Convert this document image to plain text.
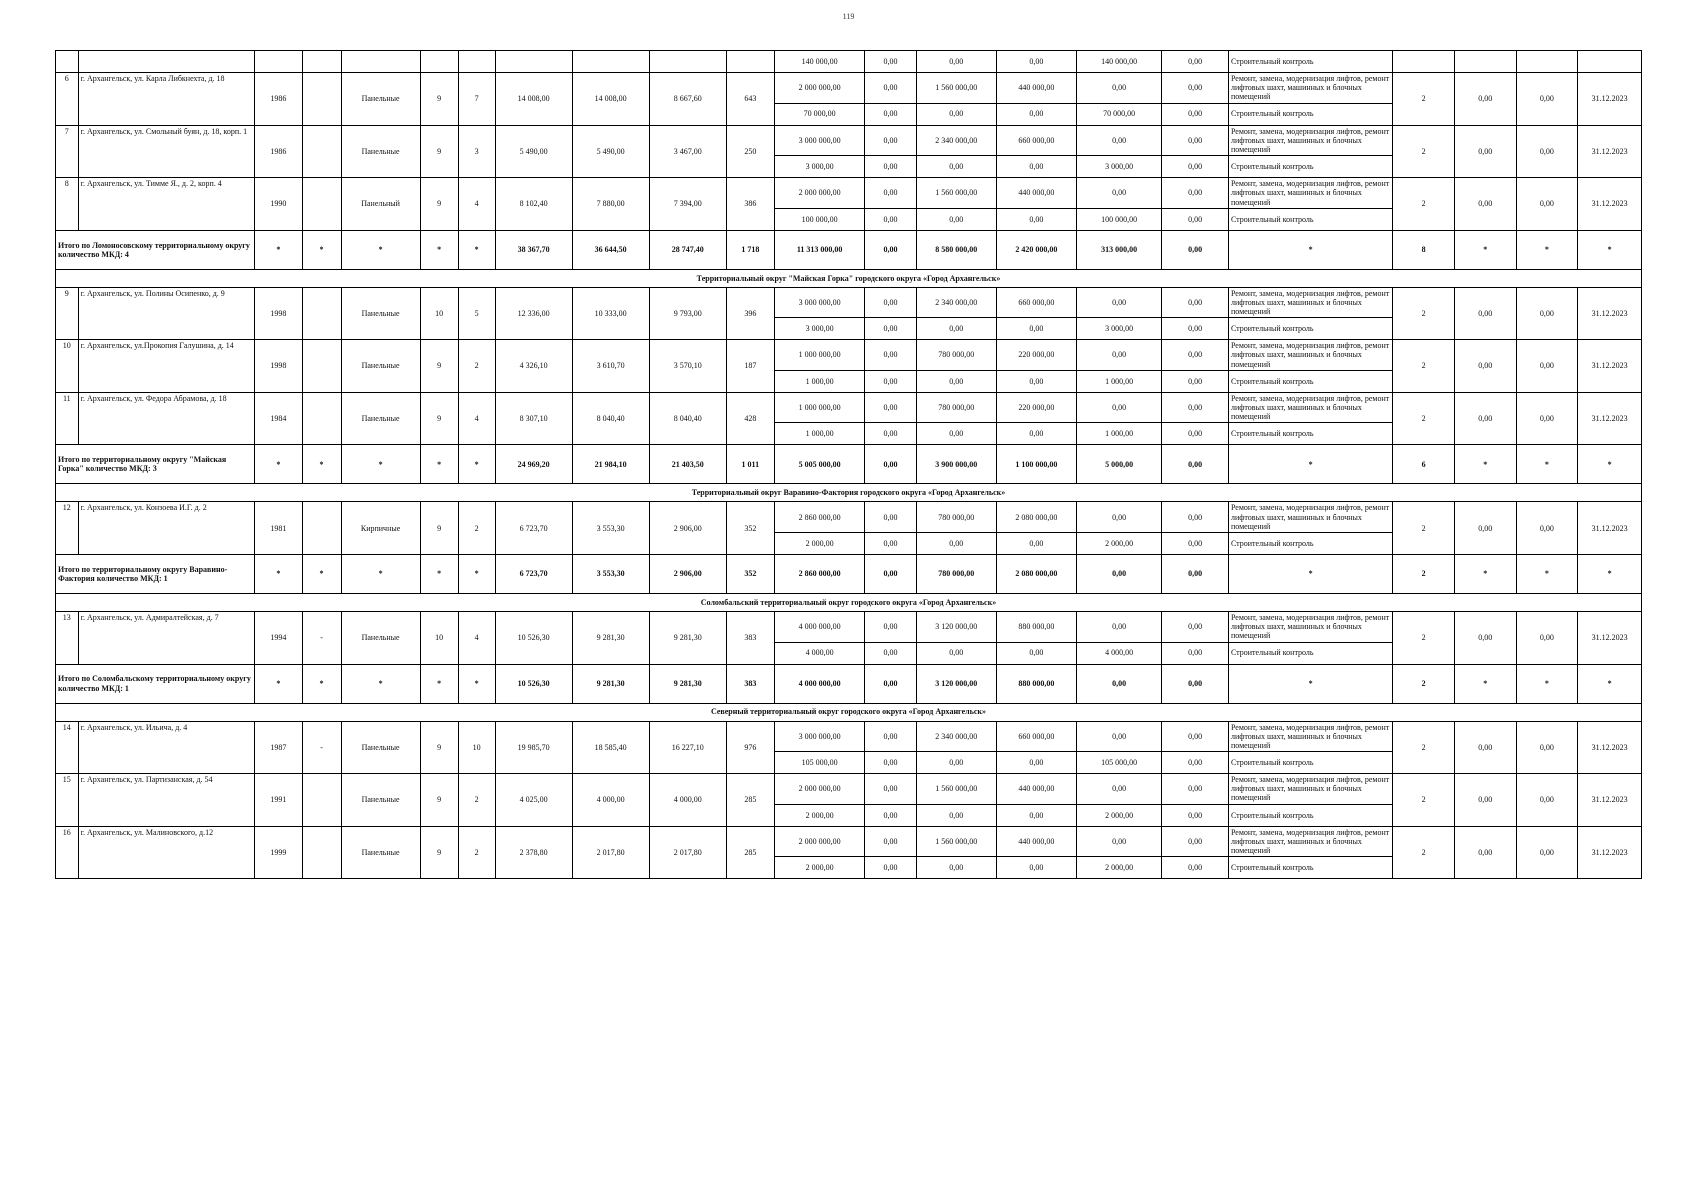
119
											140 000,00	0,00	0,00	0,00	140 000,00	0,00	Строительный контроль				
6	г. Архангельск, ул. Карла Либкнехта, д. 18	1986		Панельные	9	7	14 008,00	14 008,00	8 667,60	643	2 000 000,00	0,00	1 560 000,00	440 000,00	0,00	0,00	Ремонт, замена, модернизация лифтов, ремонт лифтовых шахт, машинных и блочных помещений	2	0,00	0,00	31.12.2023
											70 000,00	0,00	0,00	0,00	70 000,00	0,00	Строительный контроль				
7	г. Архангельск, ул. Смольный буян, д. 18, корп. 1	1986		Панельные	9	3	5 490,00	5 490,00	3 467,00	250	3 000 000,00	0,00	2 340 000,00	660 000,00	0,00	0,00	Ремонт, замена, модернизация лифтов, ремонт лифтовых шахт, машинных и блочных помещений	2	0,00	0,00	31.12.2023
											3 000,00	0,00	0,00	0,00	3 000,00	0,00	Строительный контроль				
8	г. Архангельск, ул. Тимме Я., д. 2, корп. 4	1990		Панельный	9	4	8 102,40	7 880,00	7 394,00	386	2 000 000,00	0,00	1 560 000,00	440 000,00	0,00	0,00	Ремонт, замена, модернизация лифтов, ремонт лифтовых шахт, машинных и блочных помещений	2	0,00	0,00	31.12.2023
											100 000,00	0,00	0,00	0,00	100 000,00	0,00	Строительный контроль				
Итого по Ломоносовскому территориальному округу количество МКД: 4		*	*	*	*	*	38 367,70	36 644,50	28 747,40	1 718	11 313 000,00	0,00	8 580 000,00	2 420 000,00	313 000,00	0,00	*	8	*	*	*
Территориальный округ "Майская Горка" городского округа «Город Архангельск»																					
9	г. Архангельск, ул. Полины Осипенко, д. 9	1998		Панельные	10	5	12 336,00	10 333,00	9 793,00	396	3 000 000,00	0,00	2 340 000,00	660 000,00	0,00	0,00	Ремонт, замена, модернизация лифтов, ремонт лифтовых шахт, машинных и блочных помещений	2	0,00	0,00	31.12.2023
											3 000,00	0,00	0,00	0,00	3 000,00	0,00	Строительный контроль				
10	г. Архангельск, ул.Прокопия Галушина, д. 14	1998		Панельные	9	2	4 326,10	3 610,70	3 570,10	187	1 000 000,00	0,00	780 000,00	220 000,00	0,00	0,00	Ремонт, замена, модернизация лифтов, ремонт лифтовых шахт, машинных и блочных помещений	2	0,00	0,00	31.12.2023
											1 000,00	0,00	0,00	0,00	1 000,00	0,00	Строительный контроль				
11	г. Архангельск, ул. Федора Абрамова, д. 18	1984		Панельные	9	4	8 307,10	8 040,40	8 040,40	428	1 000 000,00	0,00	780 000,00	220 000,00	0,00	0,00	Ремонт, замена, модернизация лифтов, ремонт лифтовых шахт, машинных и блочных помещений	2	0,00	0,00	31.12.2023
											1 000,00	0,00	0,00	0,00	1 000,00	0,00	Строительный контроль				
Итого по территориальному округу "Майская Горка" количество МКД: 3		*	*	*	*	*	24 969,20	21 984,10	21 403,50	1 011	5 005 000,00	0,00	3 900 000,00	1 100 000,00	5 000,00	0,00	*	6	*	*	*
Территориальный округ Варавино-Фактория городского округа «Город Архангельск»																					
12	г. Архангельск, ул. Конзоева И.Г. д. 2	1981		Кирпичные	9	2	6 723,70	3 553,30	2 906,00	352	2 860 000,00	0,00	780 000,00	2 080 000,00	0,00	0,00	Ремонт, замена, модернизация лифтов, ремонт лифтовых шахт, машинных и блочных помещений	2	0,00	0,00	31.12.2023
											2 000,00	0,00	0,00	0,00	2 000,00	0,00	Строительный контроль				
Итого по территориальному округу Варавино-Фактория количество МКД: 1		*	*	*	*	*	6 723,70	3 553,30	2 906,00	352	2 860 000,00	0,00	780 000,00	2 080 000,00	0,00	0,00	*	2	*	*	*
Соломбальский территориальный округ городского округа «Город Архангельск»																					
13	г. Архангельск, ул. Адмиралтейская, д. 7	1994	-	Панельные	10	4	10 526,30	9 281,30	9 281,30	383	4 000 000,00	0,00	3 120 000,00	880 000,00	0,00	0,00	Ремонт, замена, модернизация лифтов, ремонт лифтовых шахт, машинных и блочных помещений	2	0,00	0,00	31.12.2023
											4 000,00	0,00	0,00	0,00	4 000,00	0,00	Строительный контроль				
Итого по Соломбальскому территориальному округу количество МКД: 1		*	*	*	*	*	10 526,30	9 281,30	9 281,30	383	4 000 000,00	0,00	3 120 000,00	880 000,00	0,00	0,00	*	2	*	*	*
Северный территориальный округ городского округа «Город Архангельск»																					
14	г. Архангельск, ул. Ильича, д. 4	1987	-	Панельные	9	10	19 985,70	18 585,40	16 227,10	976	3 000 000,00	0,00	2 340 000,00	660 000,00	0,00	0,00	Ремонт, замена, модернизация лифтов, ремонт лифтовых шахт, машинных и блочных помещений	2	0,00	0,00	31.12.2023
											105 000,00	0,00	0,00	0,00	105 000,00	0,00	Строительный контроль				
15	г. Архангельск, ул. Партизанская, д. 54	1991		Панельные	9	2	4 025,00	4 000,00	4 000,00	285	2 000 000,00	0,00	1 560 000,00	440 000,00	0,00	0,00	Ремонт, замена, модернизация лифтов, ремонт лифтовых шахт, машинных и блочных помещений	2	0,00	0,00	31.12.2023
											2 000,00	0,00	0,00	0,00	2 000,00	0,00	Строительный контроль				
16	г. Архангельск, ул. Малиновского, д.12	1999		Панельные	9	2	2 378,80	2 017,80	2 017,80	285	2 000 000,00	0,00	1 560 000,00	440 000,00	0,00	0,00	Ремонт, замена, модернизация лифтов, ремонт лифтовых шахт, машинных и блочных помещений	2	0,00	0,00	31.12.2023
											2 000,00	0,00	0,00	0,00	2 000,00	0,00	Строительный контроль				
